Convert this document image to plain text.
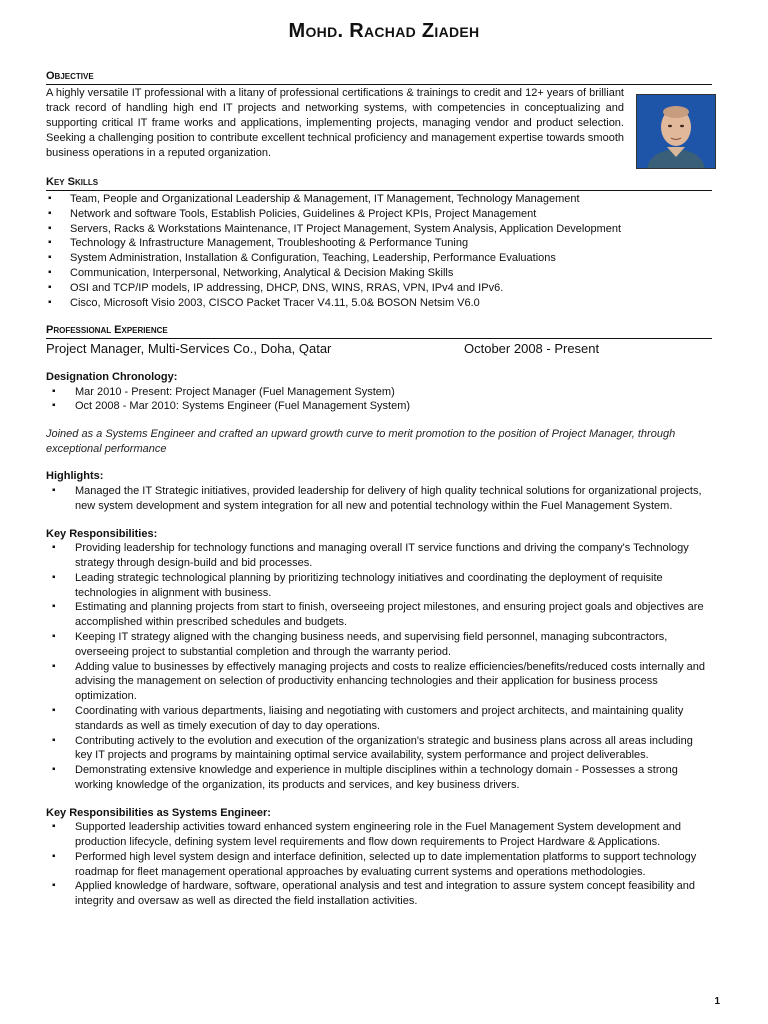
Mohd. Rachad Ziadeh
Objective
A highly versatile IT professional with a litany of professional certifications & trainings to credit and 12+ years of brilliant track record of handling high end IT projects and networking systems, with competencies in conceptualizing and supporting critical IT frame works and applications, implementing projects, managing vendor and product selection. Seeking a challenging position to contribute excellent technical proficiency and management expertise towards smooth business operations in a reputed organization.
Key Skills
▪ Team, People and Organizational Leadership & Management, IT Management, Technology Management
▪ Network and software Tools, Establish Policies, Guidelines & Project KPIs, Project Management
▪ Servers, Racks & Workstations Maintenance, IT Project Management, System Analysis, Application Development
▪ Technology & Infrastructure Management, Troubleshooting & Performance Tuning
▪ System Administration, Installation & Configuration, Teaching, Leadership, Performance Evaluations
▪ Communication, Interpersonal, Networking, Analytical & Decision Making Skills
▪ OSI and TCP/IP models, IP addressing, DHCP, DNS, WINS, RRAS, VPN, IPv4 and IPv6.
▪ Cisco, Microsoft Visio 2003, CISCO Packet Tracer V4.11, 5.0& BOSON Netsim V6.0
Professional Experience
Project Manager, Multi-Services Co., Doha, Qatar	October 2008 - Present
Designation Chronology:
▪ Mar 2010 - Present: Project Manager (Fuel Management System)
▪ Oct 2008 - Mar 2010: Systems Engineer (Fuel Management System)
Joined as a Systems Engineer and crafted an upward growth curve to merit promotion to the position of Project Manager, through exceptional performance
Highlights:
▪ Managed the IT Strategic initiatives, provided leadership for delivery of high quality technical solutions for organizational projects, new system development and system integration for all new and potential technology within the Fuel Management System.
Key Responsibilities:
▪ Providing leadership for technology functions and managing overall IT service functions and driving the company's Technology strategy through design-build and bid processes.
▪ Leading strategic technological planning by prioritizing technology initiatives and coordinating the deployment of requisite technologies in alignment with business.
▪ Estimating and planning projects from start to finish, overseeing project milestones, and ensuring project goals and objectives are accomplished within prescribed schedules and budgets.
▪ Keeping IT strategy aligned with the changing business needs, and supervising field personnel, managing subcontractors, overseeing project to substantial completion and through the warranty period.
▪ Adding value to businesses by effectively managing projects and costs to realize efficiencies/benefits/reduced costs internally and advising the management on selection of productivity enhancing technologies and their application for business process optimization.
▪ Coordinating with various departments, liaising and negotiating with customers and project architects, and maintaining quality standards as well as timely execution of day to day operations.
▪ Contributing actively to the evolution and execution of the organization's strategic and business plans across all areas including key IT projects and programs by maintaining optimal service availability, system performance and project deliverables.
▪ Demonstrating extensive knowledge and experience in multiple disciplines within a technology domain - Possesses a strong working knowledge of the organization, its products and services, and key business drivers.
Key Responsibilities as Systems Engineer:
▪ Supported leadership activities toward enhanced system engineering role in the Fuel Management System development and production lifecycle, defining system level requirements and flow down requirements to Project Hardware & Applications.
▪ Performed high level system design and interface definition, selected up to date implementation platforms to support technology roadmap for fleet management operational approaches by evaluating current systems and operations methodologies.
▪ Applied knowledge of hardware, software, operational analysis and test and integration to assure system concept feasibility and integrity and oversaw as well as directed the field installation activities.
1
